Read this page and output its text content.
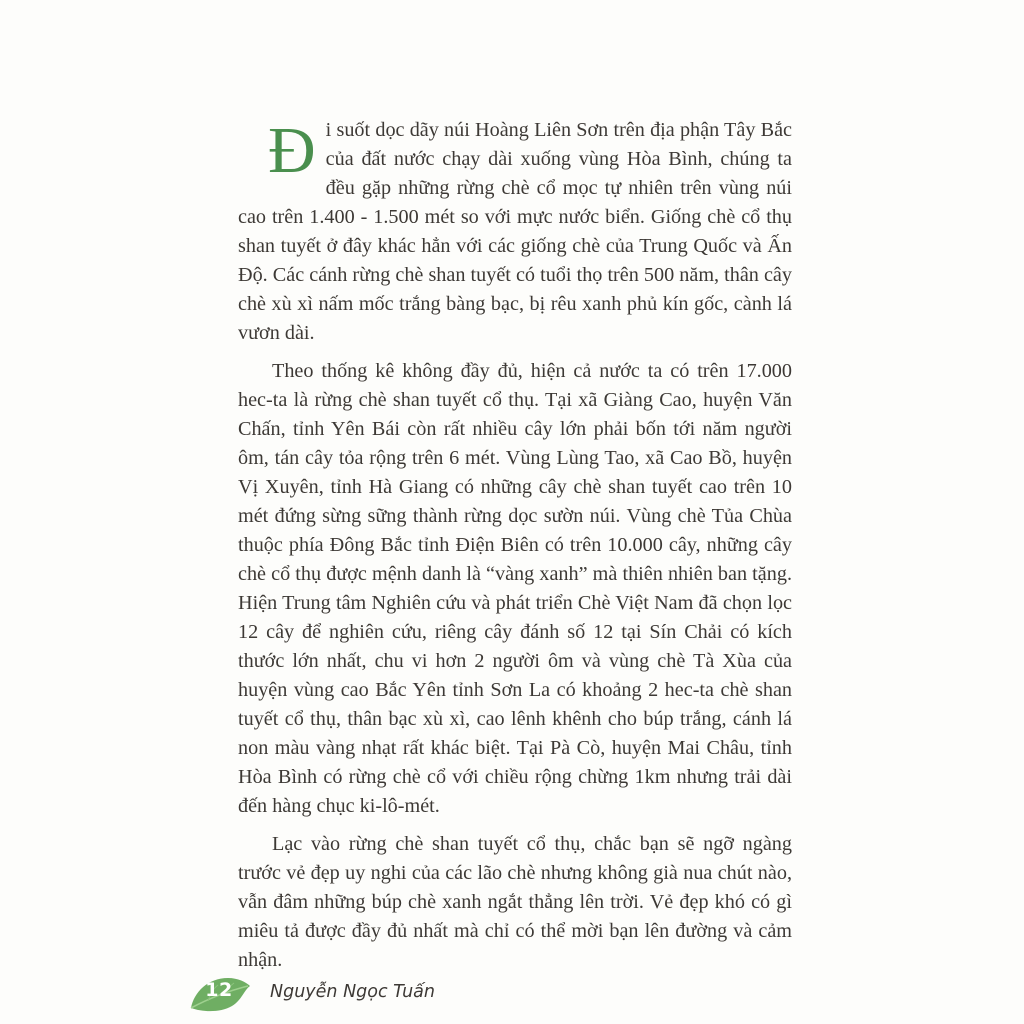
Đi suốt dọc dãy núi Hoàng Liên Sơn trên địa phận Tây Bắc của đất nước chạy dài xuống vùng Hòa Bình, chúng ta đều gặp những rừng chè cổ mọc tự nhiên trên vùng núi cao trên 1.400 - 1.500 mét so với mực nước biển. Giống chè cổ thụ shan tuyết ở đây khác hẳn với các giống chè của Trung Quốc và Ấn Độ. Các cánh rừng chè shan tuyết có tuổi thọ trên 500 năm, thân cây chè xù xì nấm mốc trắng bàng bạc, bị rêu xanh phủ kín gốc, cành lá vươn dài.

Theo thống kê không đầy đủ, hiện cả nước ta có trên 17.000 hec-ta là rừng chè shan tuyết cổ thụ. Tại xã Giàng Cao, huyện Văn Chấn, tỉnh Yên Bái còn rất nhiều cây lớn phải bốn tới năm người ôm, tán cây tỏa rộng trên 6 mét. Vùng Lùng Tao, xã Cao Bồ, huyện Vị Xuyên, tỉnh Hà Giang có những cây chè shan tuyết cao trên 10 mét đứng sừng sững thành rừng dọc sườn núi. Vùng chè Tủa Chùa thuộc phía Đông Bắc tỉnh Điện Biên có trên 10.000 cây, những cây chè cổ thụ được mệnh danh là “vàng xanh” mà thiên nhiên ban tặng. Hiện Trung tâm Nghiên cứu và phát triển Chè Việt Nam đã chọn lọc 12 cây để nghiên cứu, riêng cây đánh số 12 tại Sín Chải có kích thước lớn nhất, chu vi hơn 2 người ôm và vùng chè Tà Xùa của huyện vùng cao Bắc Yên tỉnh Sơn La có khoảng 2 hec-ta chè shan tuyết cổ thụ, thân bạc xù xì, cao lênh khênh cho búp trắng, cánh lá non màu vàng nhạt rất khác biệt. Tại Pà Cò, huyện Mai Châu, tỉnh Hòa Bình có rừng chè cổ với chiều rộng chừng 1km nhưng trải dài đến hàng chục ki-lô-mét.

Lạc vào rừng chè shan tuyết cổ thụ, chắc bạn sẽ ngỡ ngàng trước vẻ đẹp uy nghi của các lão chè nhưng không già nua chút nào, vẫn đâm những búp chè xanh ngắt thẳng lên trời. Vẻ đẹp khó có gì miêu tả được đầy đủ nhất mà chỉ có thể mời bạn lên đường và cảm nhận.

12	Nguyễn Ngọc Tuấn
